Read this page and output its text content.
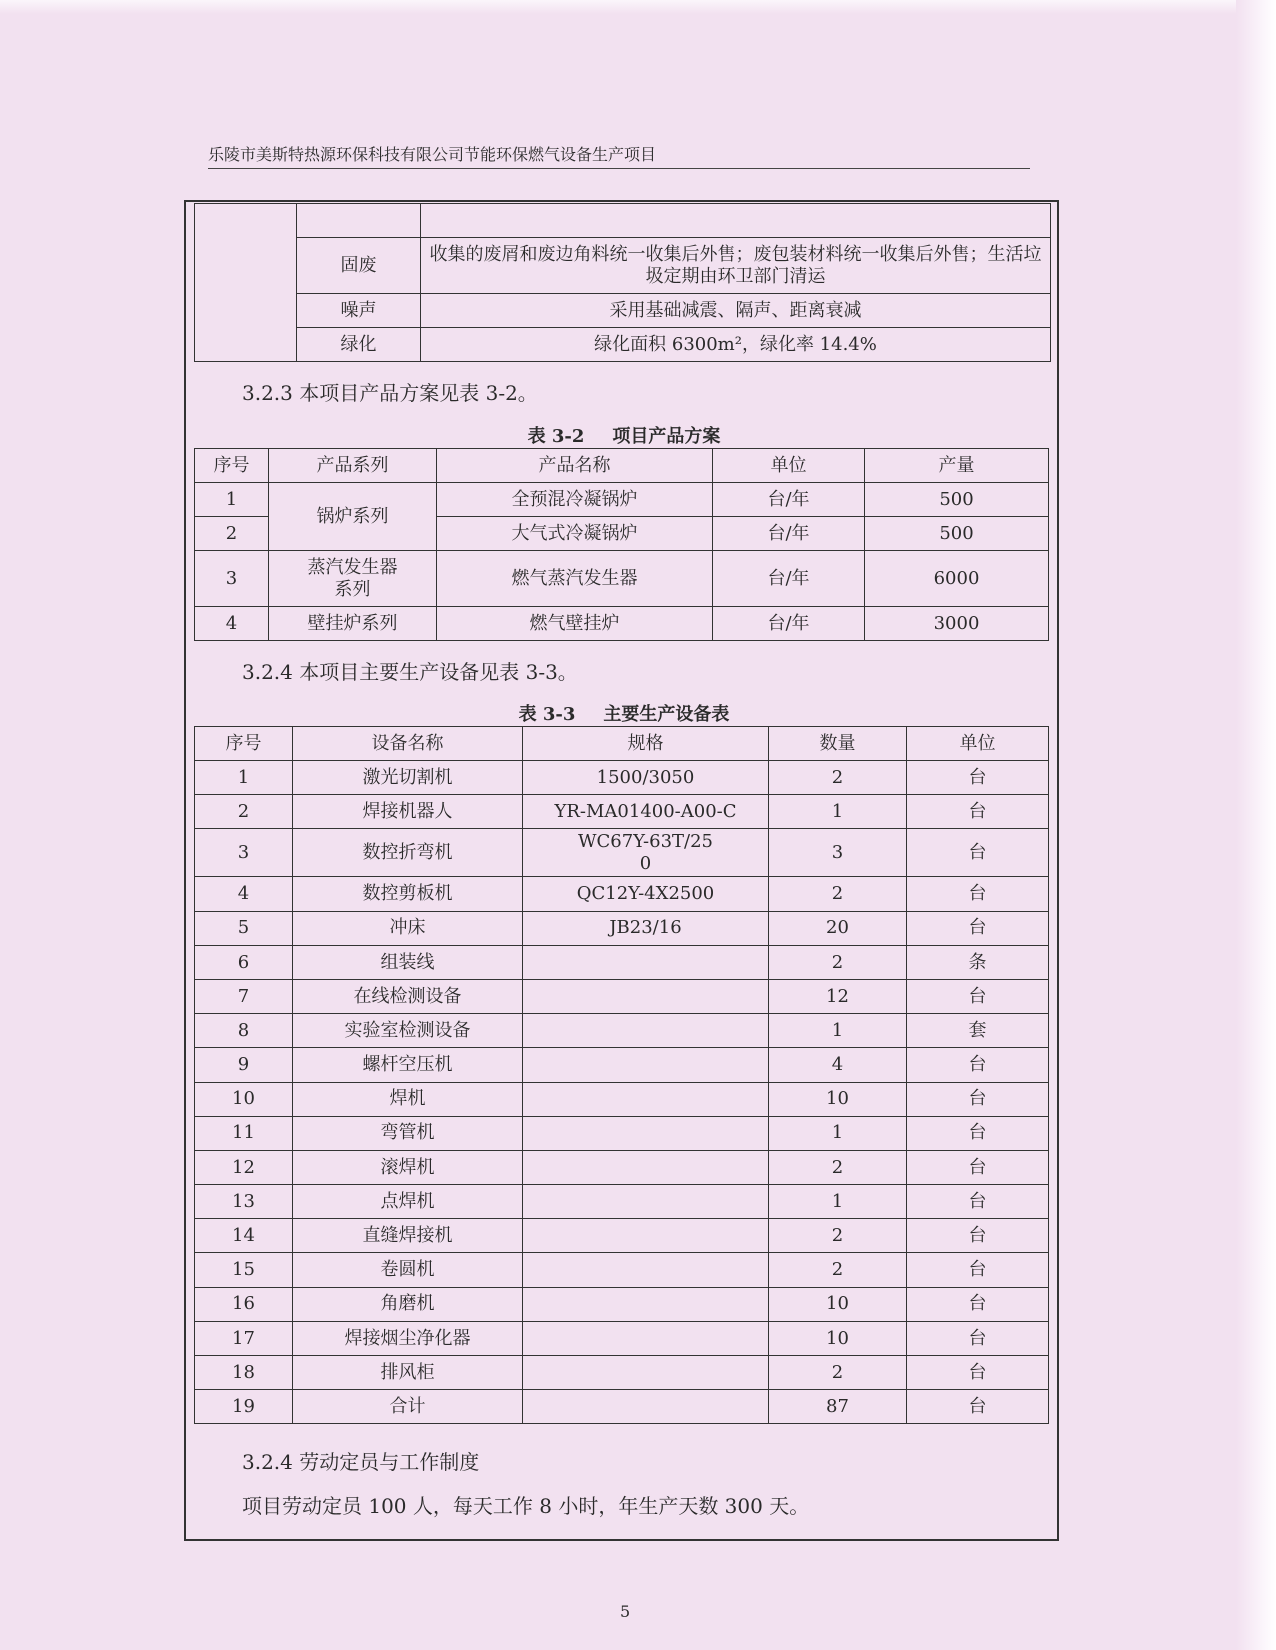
乐陵市美斯特热源环保科技有限公司节能环保燃气设备生产项目

	固废	收集的废屑和废边角料统一收集后外售；废包装材料统一收集后外售；生活垃圾定期由环卫部门清运
	噪声	采用基础减震、隔声、距离衰减
	绿化	绿化面积 6300m²，绿化率 14.4%
3.2.3 本项目产品方案见表 3-2。
表 3-2 项目产品方案
序号	产品系列	产品名称	单位	产量
1	锅炉系列	全预混冷凝锅炉	台/年	500
2		大气式冷凝锅炉	台/年	500
3	蒸汽发生器系列	燃气蒸汽发生器	台/年	6000
4	壁挂炉系列	燃气壁挂炉	台/年	3000
3.2.4 本项目主要生产设备见表 3-3。
表 3-3 主要生产设备表
序号	设备名称	规格	数量	单位
1	激光切割机	1500/3050	2	台
2	焊接机器人	YR-MA01400-A00-C	1	台
3	数控折弯机	WC67Y-63T/250	3	台
4	数控剪板机	QC12Y-4X2500	2	台
5	冲床	JB23/16	20	台
6	组装线		2	条
7	在线检测设备		12	台
8	实验室检测设备		1	套
9	螺杆空压机		4	台
10	焊机		10	台
11	弯管机		1	台
12	滚焊机		2	台
13	点焊机		1	台
14	直缝焊接机		2	台
15	卷圆机		2	台
16	角磨机		10	台
17	焊接烟尘净化器		10	台
18	排风柜		2	台
19	合计		87	台
3.2.4 劳动定员与工作制度
项目劳动定员 100 人，每天工作 8 小时，年生产天数 300 天。
5
